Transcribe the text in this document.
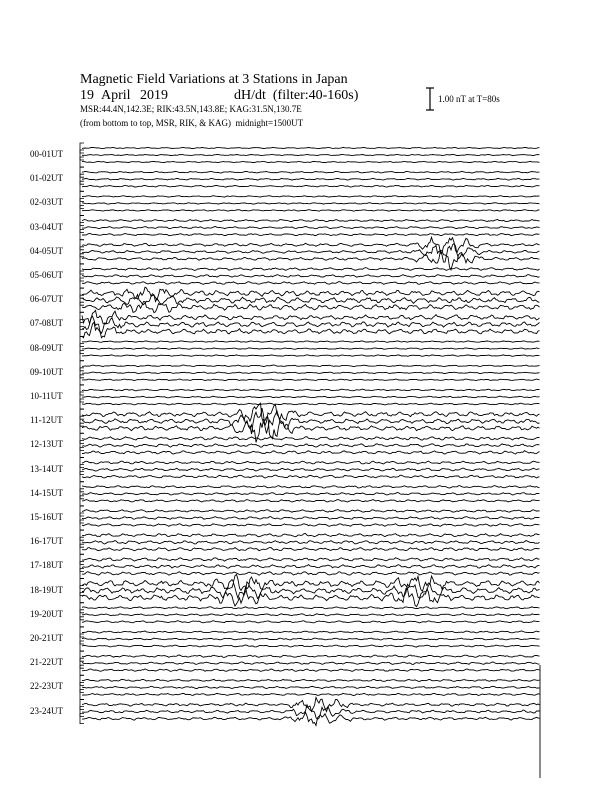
Magnetic Field Variations at 3 Stations in Japan
19 April 2019	dH/dt (filter:40-160s)
MSR:44.4N,142.3E; RIK:43.5N,143.8E; KAG:31.5N,130.7E
(from bottom to top, MSR, RIK, & KAG) midnight=1500UT
1.00 nT at T=80s
00-01UT
01-02UT
02-03UT
03-04UT
04-05UT
05-06UT
06-07UT
07-08UT
08-09UT
09-10UT
10-11UT
11-12UT
12-13UT
13-14UT
14-15UT
15-16UT
16-17UT
17-18UT
18-19UT
19-20UT
20-21UT
21-22UT
22-23UT
23-24UT
